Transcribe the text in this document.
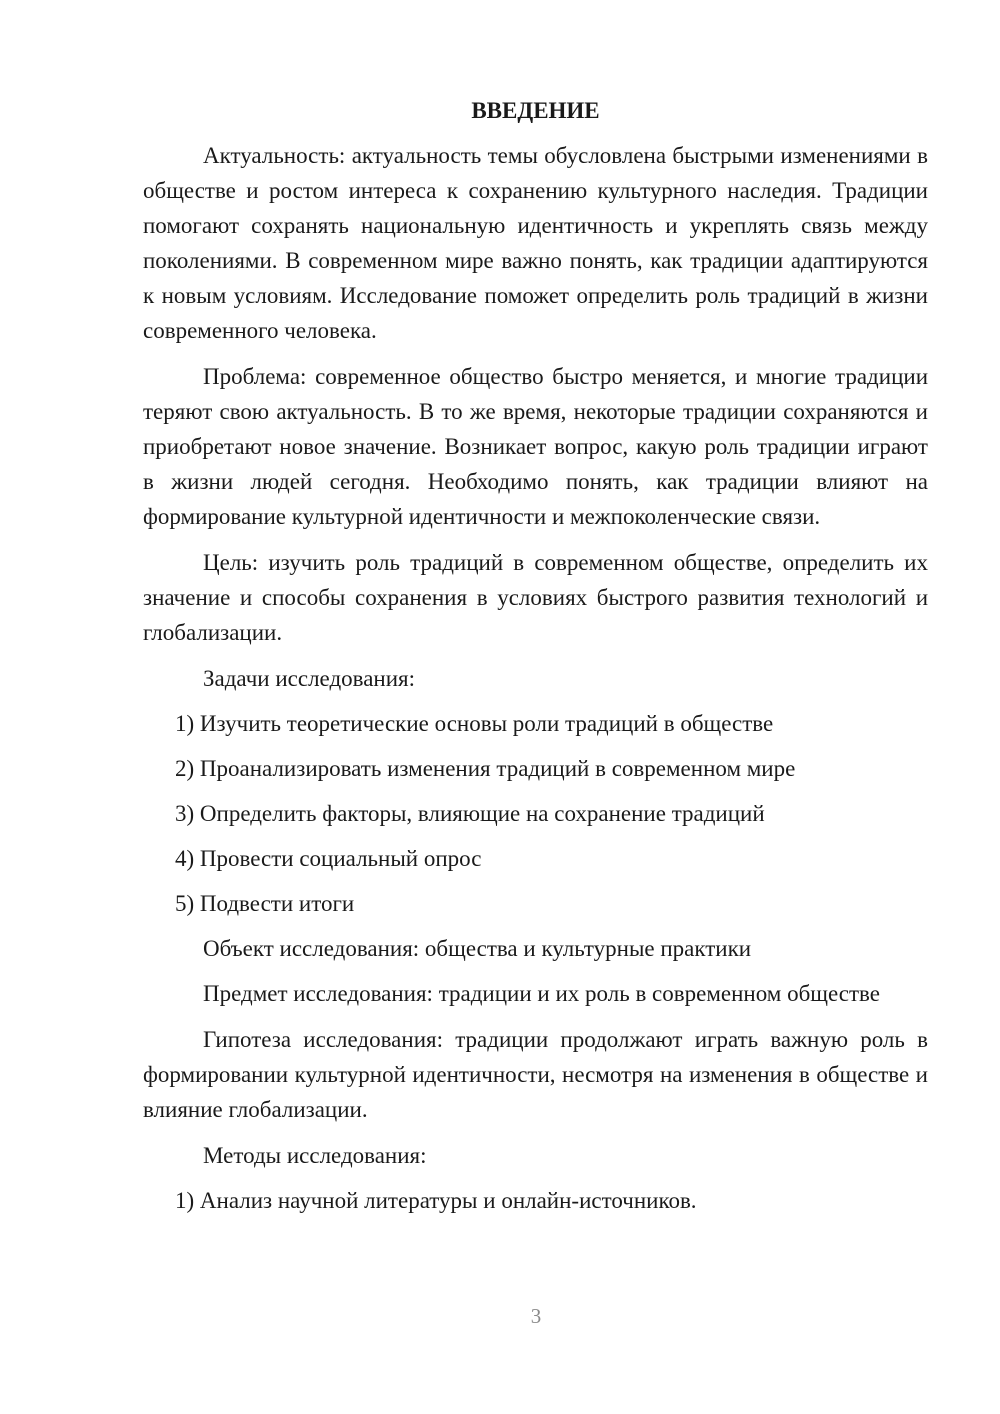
ВВЕДЕНИЕ

Актуальность: актуальность темы обусловлена быстрыми изменениями в обществе и ростом интереса к сохранению культурного наследия. Традиции помогают сохранять национальную идентичность и укреплять связь между поколениями. В современном мире важно понять, как традиции адаптируются к новым условиям. Исследование поможет определить роль традиций в жизни современного человека.

Проблема: современное общество быстро меняется, и многие традиции теряют свою актуальность. В то же время, некоторые традиции сохраняются и приобретают новое значение. Возникает вопрос, какую роль традиции играют в жизни людей сегодня. Необходимо понять, как традиции влияют на формирование культурной идентичности и межпоколенческие связи.

Цель: изучить роль традиций в современном обществе, определить их значение и способы сохранения в условиях быстрого развития технологий и глобализации.

Задачи исследования:
1) Изучить теоретические основы роли традиций в обществе
2) Проанализировать изменения традиций в современном мире
3) Определить факторы, влияющие на сохранение традиций
4) Провести социальный опрос
5) Подвести итоги
Объект исследования: общества и культурные практики

Предмет исследования: традиции и их роль в современном обществе

Гипотеза исследования: традиции продолжают играть важную роль в формировании культурной идентичности, несмотря на изменения в обществе и влияние глобализации.

Методы исследования:
1) Анализ научной литературы и онлайн-источников.
3
